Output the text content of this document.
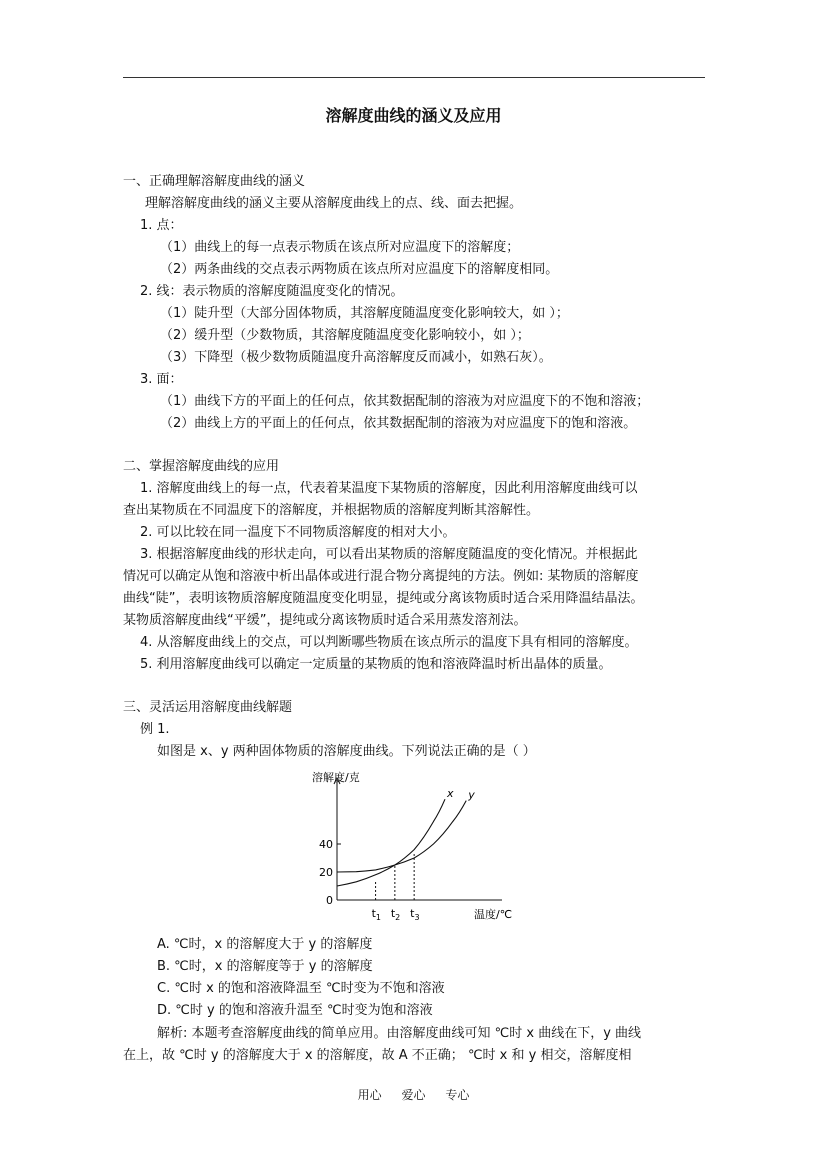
溶解度曲线的涵义及应用
一、正确理解溶解度曲线的涵义
理解溶解度曲线的涵义主要从溶解度曲线上的点、线、面去把握。
1. 点：
（1）曲线上的每一点表示物质在该点所对应温度下的溶解度；
（2）两条曲线的交点表示两物质在该点所对应温度下的溶解度相同。
2. 线：表示物质的溶解度随温度变化的情况。
（1）陡升型（大部分固体物质，其溶解度随温度变化影响较大，如 ）；
（2）缓升型（少数物质，其溶解度随温度变化影响较小，如 ）；
（3）下降型（极少数物质随温度升高溶解度反而减小，如熟石灰）。
3. 面：
（1）曲线下方的平面上的任何点，依其数据配制的溶液为对应温度下的不饱和溶液；
（2）曲线上方的平面上的任何点，依其数据配制的溶液为对应温度下的饱和溶液。
二、掌握溶解度曲线的应用
1. 溶解度曲线上的每一点，代表着某温度下某物质的溶解度，因此利用溶解度曲线可以
查出某物质在不同温度下的溶解度，并根据物质的溶解度判断其溶解性。
2. 可以比较在同一温度下不同物质溶解度的相对大小。
3. 根据溶解度曲线的形状走向，可以看出某物质的溶解度随温度的变化情况。并根据此
情况可以确定从饱和溶液中析出晶体或进行混合物分离提纯的方法。例如: 某物质的溶解度
曲线“陡”，表明该物质溶解度随温度变化明显，提纯或分离该物质时适合采用降温结晶法。
某物质溶解度曲线“平缓”，提纯或分离该物质时适合采用蒸发溶剂法。
4. 从溶解度曲线上的交点，可以判断哪些物质在该点所示的温度下具有相同的溶解度。
5. 利用溶解度曲线可以确定一定质量的某物质的饱和溶液降温时析出晶体的质量。
三、灵活运用溶解度曲线解题
例 1.
如图是 x、y 两种固体物质的溶解度曲线。下列说法正确的是（ ）
溶解度/克
温度/℃
0
20
40
$t_1$ $t_2$ $t_3$
x y
A. ℃时，x 的溶解度大于 y 的溶解度
B. ℃时，x 的溶解度等于 y 的溶解度
C. ℃时 x 的饱和溶液降温至 ℃时变为不饱和溶液
D. ℃时 y 的饱和溶液升温至 ℃时变为饱和溶液
解析: 本题考查溶解度曲线的简单应用。由溶解度曲线可知 ℃时 x 曲线在下，y 曲线
在上，故 ℃时 y 的溶解度大于 x 的溶解度，故 A 不正确； ℃时 x 和 y 相交，溶解度相
用心 爱心 专心
